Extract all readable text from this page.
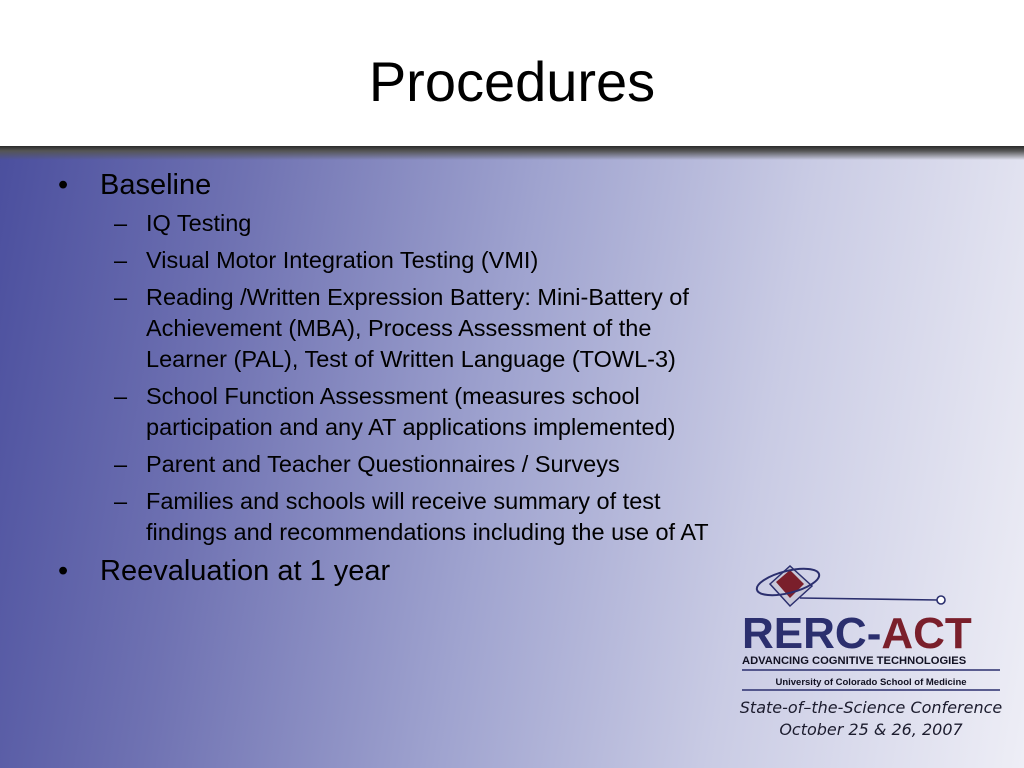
Procedures
• Baseline
– IQ Testing
– Visual Motor Integration Testing (VMI)
– Reading /Written Expression Battery: Mini-Battery of Achievement (MBA), Process Assessment of the Learner (PAL), Test of Written Language (TOWL-3)
– School Function Assessment (measures school participation and any AT applications implemented)
– Parent and Teacher Questionnaires / Surveys
– Families and schools will receive summary of test findings and recommendations including the use of AT
• Reevaluation at 1 year
RERC-ACT
ADVANCING COGNITIVE TECHNOLOGIES
University of Colorado School of Medicine
State-of–the-Science Conference
October 25 & 26, 2007
